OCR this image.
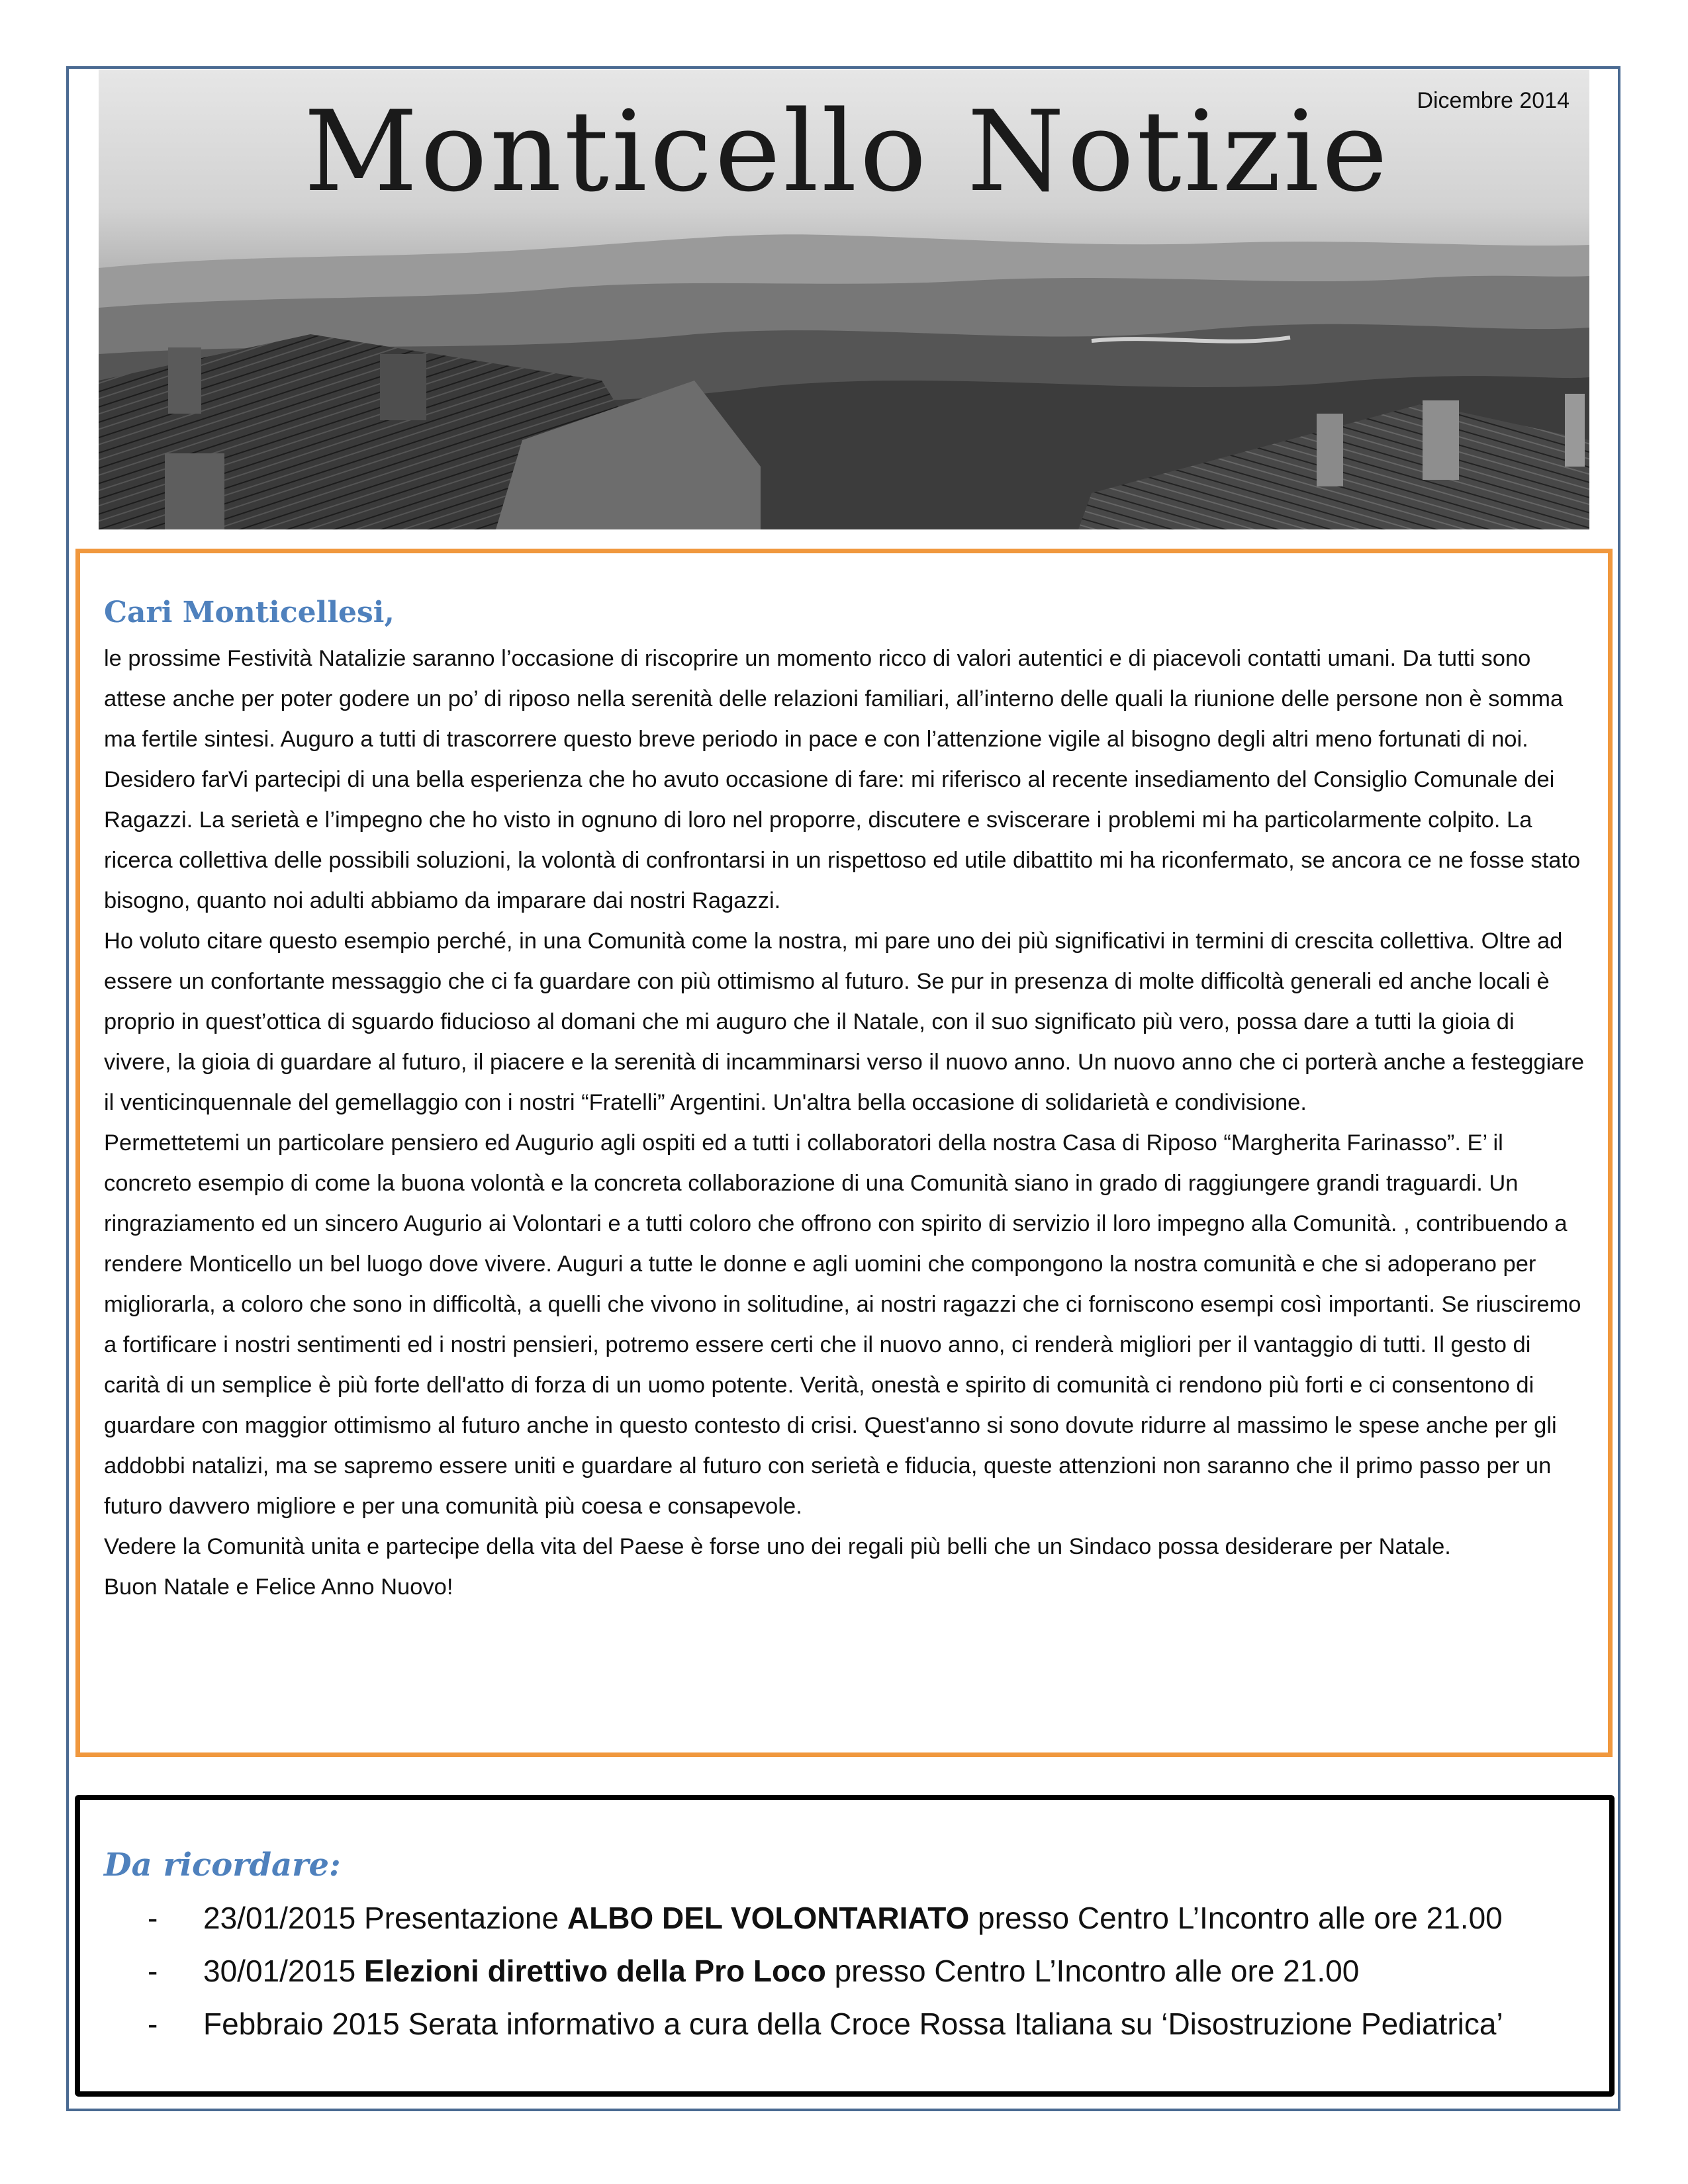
Monticello Notizie	Dicembre 2014
Cari Monticellesi,

le prossime Festività Natalizie saranno l’occasione di riscoprire un momento ricco di valori autentici e di piacevoli contatti umani. Da tutti sono attese anche per poter godere un po’ di riposo nella serenità delle relazioni familiari, all’interno delle quali la riunione delle persone non è somma ma fertile sintesi. Auguro a tutti di trascorrere questo breve periodo in pace e con l’attenzione vigile al bisogno degli altri meno fortunati di noi. Desidero farVi partecipi di una bella esperienza che ho avuto occasione di fare: mi riferisco al recente insediamento del Consiglio Comunale dei Ragazzi. La serietà e l’impegno che ho visto in ognuno di loro nel proporre, discutere e sviscerare i problemi mi ha particolarmente colpito. La ricerca collettiva delle possibili soluzioni, la volontà di confrontarsi in un rispettoso ed utile dibattito mi ha riconfermato, se ancora ce ne fosse stato bisogno, quanto noi adulti abbiamo da imparare dai nostri Ragazzi.

Ho voluto citare questo esempio perché, in una Comunità come la nostra, mi pare uno dei più significativi in termini di crescita collettiva. Oltre ad essere un confortante messaggio che ci fa guardare con più ottimismo al futuro. Se pur in presenza di molte difficoltà generali ed anche locali è proprio in quest’ottica di sguardo fiducioso al domani che mi auguro che il Natale, con il suo significato più vero, possa dare a tutti la gioia di vivere, la gioia di guardare al futuro, il piacere e la serenità di incamminarsi verso il nuovo anno. Un nuovo anno che ci porterà anche a festeggiare il venticinquennale del gemellaggio con i nostri “Fratelli” Argentini. Un'altra bella occasione di solidarietà e condivisione.

Permettetemi un particolare pensiero ed Augurio agli ospiti ed a tutti i collaboratori della nostra Casa di Riposo “Margherita Farinasso”. E’ il concreto esempio di come la buona volontà e la concreta collaborazione di una Comunità siano in grado di raggiungere grandi traguardi. Un ringraziamento ed un sincero Augurio ai Volontari e a tutti coloro che offrono con spirito di servizio il loro impegno alla Comunità. , contribuendo a rendere Monticello un bel luogo dove vivere. Auguri a tutte le donne e agli uomini che compongono la nostra comunità e che si adoperano per migliorarla, a coloro che sono in difficoltà, a quelli che vivono in solitudine, ai nostri ragazzi che ci forniscono esempi così importanti. Se riusciremo a fortificare i nostri sentimenti ed i nostri pensieri, potremo essere certi che il nuovo anno, ci renderà migliori per il vantaggio di tutti. Il gesto di carità di un semplice è più forte dell'atto di forza di un uomo potente. Verità, onestà e spirito di comunità ci rendono più forti e ci consentono di guardare con maggior ottimismo al futuro anche in questo contesto di crisi. Quest'anno si sono dovute ridurre al massimo le spese anche per gli addobbi natalizi, ma se sapremo essere uniti e guardare al futuro con serietà e fiducia, queste attenzioni non saranno che il primo passo per un futuro davvero migliore e per una comunità più coesa e consapevole.

Vedere la Comunità unita e partecipe della vita del Paese è forse uno dei regali più belli che un Sindaco possa desiderare per Natale.

Buon Natale e Felice Anno Nuovo!

Da ricordare:
-	23/01/2015 Presentazione ALBO DEL VOLONTARIATO presso Centro L’Incontro alle ore 21.00
-	30/01/2015 Elezioni direttivo della Pro Loco presso Centro L’Incontro alle ore 21.00
-	Febbraio 2015 Serata informativo a cura della Croce Rossa Italiana su ‘Disostruzione Pediatrica’
